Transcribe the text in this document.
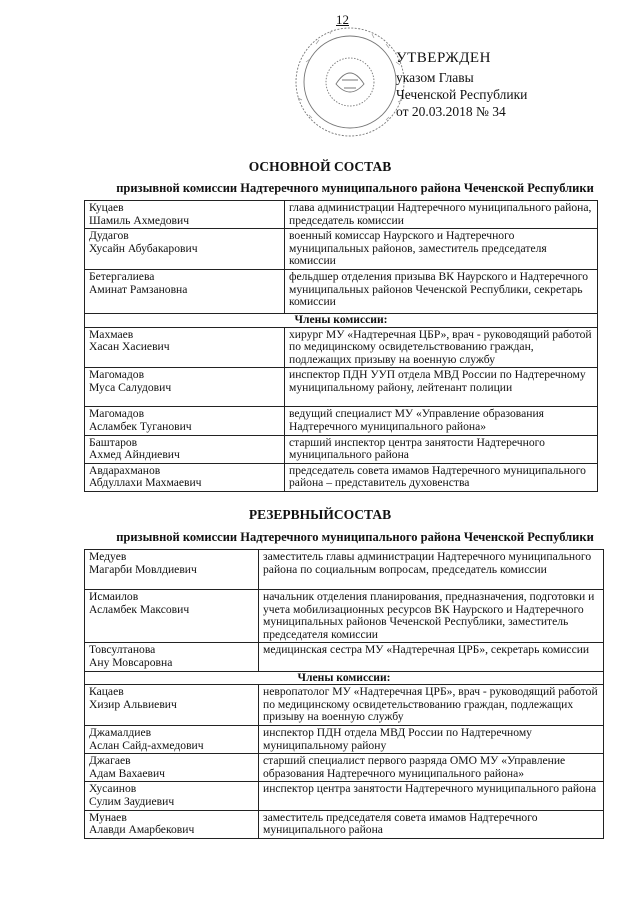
12
УТВЕРЖДЕН
указом Главы
Чеченской Республики
от 20.03.2018 № 34
ОСНОВНОЙ СОСТАВ
призывной комиссии Надтеречного муниципального района Чеченской Республики
Куцаев
Шамиль Ахмедович	глава администрации Надтеречного муниципального района, председатель комиссии

Дудагов
Хусайн Абубакарович	военный комиссар Наурского и Надтеречного муниципальных районов, заместитель председателя комиссии

Бетергалиева
Аминат Рамзановна	фельдшер отделения призыва ВК Наурского и Надтеречного муниципальных районов Чеченской Республики, секретарь комиссии
Члены комиссии:	

Махмаев
Хасан Хасиевич	хирург МУ «Надтеречная ЦБР», врач - руководящий работой по медицинскому освидетельствованию граждан, подлежащих призыву на военную службу

Магомадов
Муса Салудович	инспектор ПДН УУП отдела МВД России по Надтеречному муниципальному району, лейтенант полиции

Магомадов
Асламбек Туганович	ведущий специалист МУ «Управление образования Надтеречного муниципального района»

Баштаров
Ахмед Айндиевич	старший инспектор центра занятости Надтеречного муниципального района

Авдарахманов
Абдуллахи Махмаевич	председатель совета имамов Надтеречного муниципального района – представитель духовенства
РЕЗЕРВНЫЙСОСТАВ
призывной комиссии Надтеречного муниципального района Чеченской Республики
Медуев
Магарби Мовлдиевич	заместитель главы администрации Надтеречного муниципального района по социальным вопросам, председатель комиссии

Исмаилов
Асламбек Максович	начальник отделения планирования, предназначения, подготовки и учета мобилизационных ресурсов ВК Наурского и Надтеречного муниципальных районов Чеченской Республики, заместитель председателя комиссии

Товсултанова
Ану Мовсаровна	медицинская сестра МУ «Надтеречная ЦРБ», секретарь комиссии
Члены комиссии:	

Кацаев
Хизир Альвиевич	невропатолог МУ «Надтеречная ЦРБ», врач - руководящий работой по медицинскому освидетельствованию граждан, подлежащих призыву на военную службу

Джамалдиев
Аслан Сайд-ахмедович	инспектор ПДН отдела МВД России по Надтеречному муниципальному району

Джагаев
Адам Вахаевич	старший специалист первого разряда ОМО МУ «Управление образования Надтеречного муниципального района»

Хусаинов
Сулим Заудиевич	инспектор центра занятости Надтеречного муниципального района

Мунаев
Алавди Амарбекович	заместитель председателя совета имамов Надтеречного муниципального района
